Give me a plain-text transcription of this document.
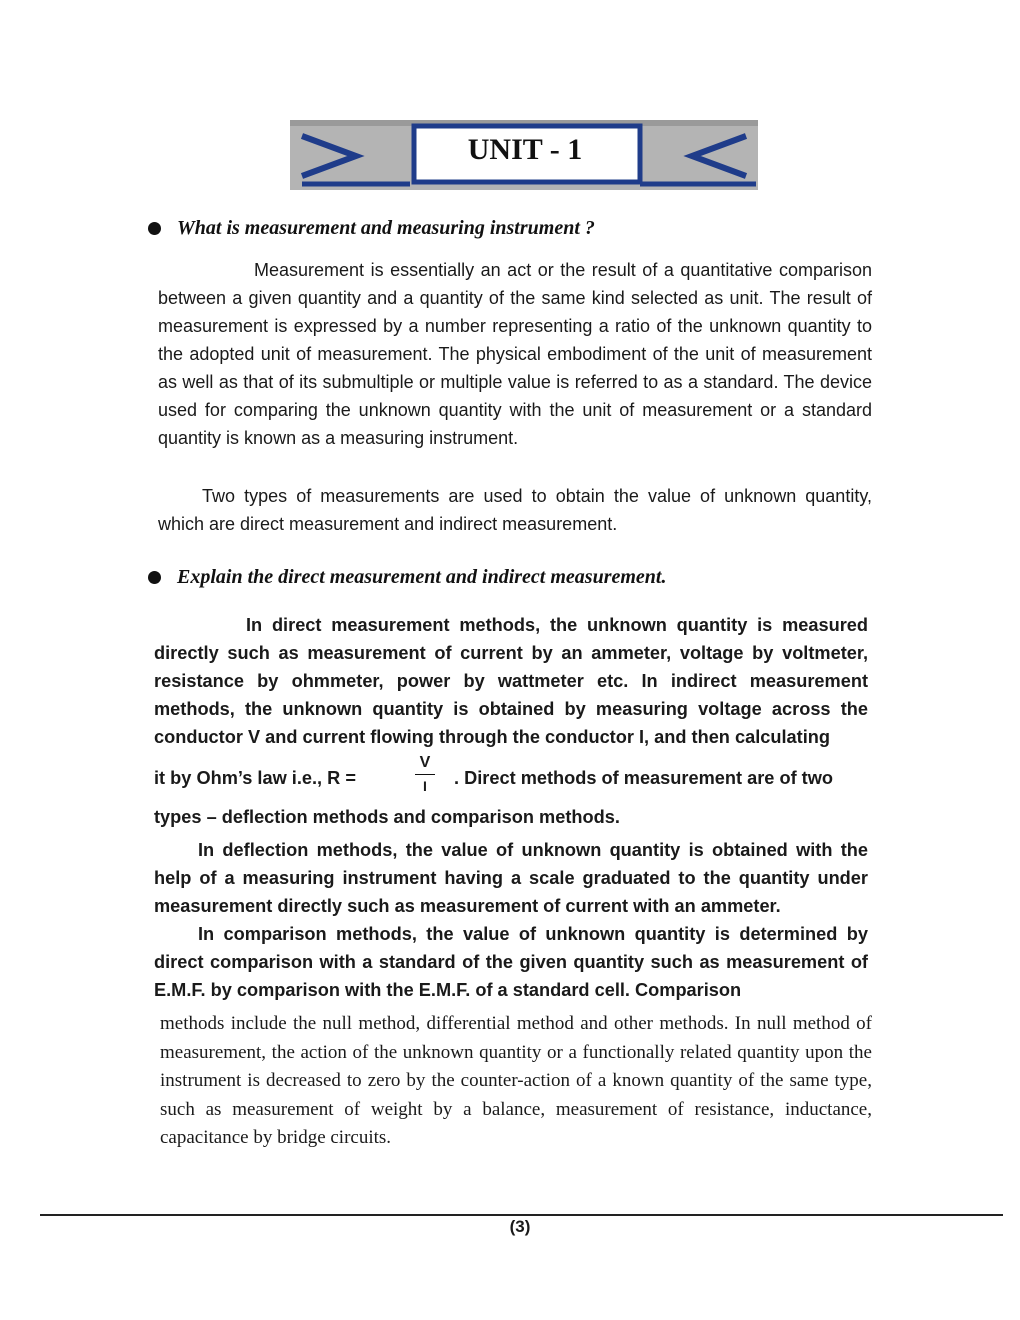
UNIT - 1
What is measurement and measuring instrument ?

Measurement is essentially an act or the result of a quantitative comparison between a given quantity and a quantity of the same kind selected as unit. The result of measurement is expressed by a number representing a ratio of the unknown quantity to the adopted unit of measurement. The physical embodiment of the unit of measurement as well as that of its submultiple or multiple value is referred to as a standard. The device used for comparing the unknown quantity with the unit of measurement or a standard quantity is known as a measuring instrument.

Two types of measurements are used to obtain the value of unknown quantity, which are direct measurement and indirect measurement.

Explain the direct measurement and indirect measurement.

In direct measurement methods, the unknown quantity is measured directly such as measurement of current by an ammeter, voltage by voltmeter, resistance by ohmmeter, power by wattmeter etc. In indirect measurement methods, the unknown quantity is obtained by measuring voltage across the conductor V and current flowing through the conductor I, and then calculating

it by Ohm’s law i.e., R =	$\frac{V}{I}$ . Direct methods of measurement are of two

types – deflection methods and comparison methods.

In deflection methods, the value of unknown quantity is obtained with the help of a measuring instrument having a scale graduated to the quantity under measurement directly such as measurement of current with an ammeter.

In comparison methods, the value of unknown quantity is determined by direct comparison with a standard of the given quantity such as measurement of E.M.F. by comparison with the E.M.F. of a standard cell. Comparison

methods include the null method, differential method and other methods. In null method of measurement, the action of the unknown quantity or a functionally related quantity upon the instrument is decreased to zero by the counter-action of a known quantity of the same type, such as measurement of weight by a balance, measurement of resistance, inductance, capacitance by bridge circuits.

(3)
